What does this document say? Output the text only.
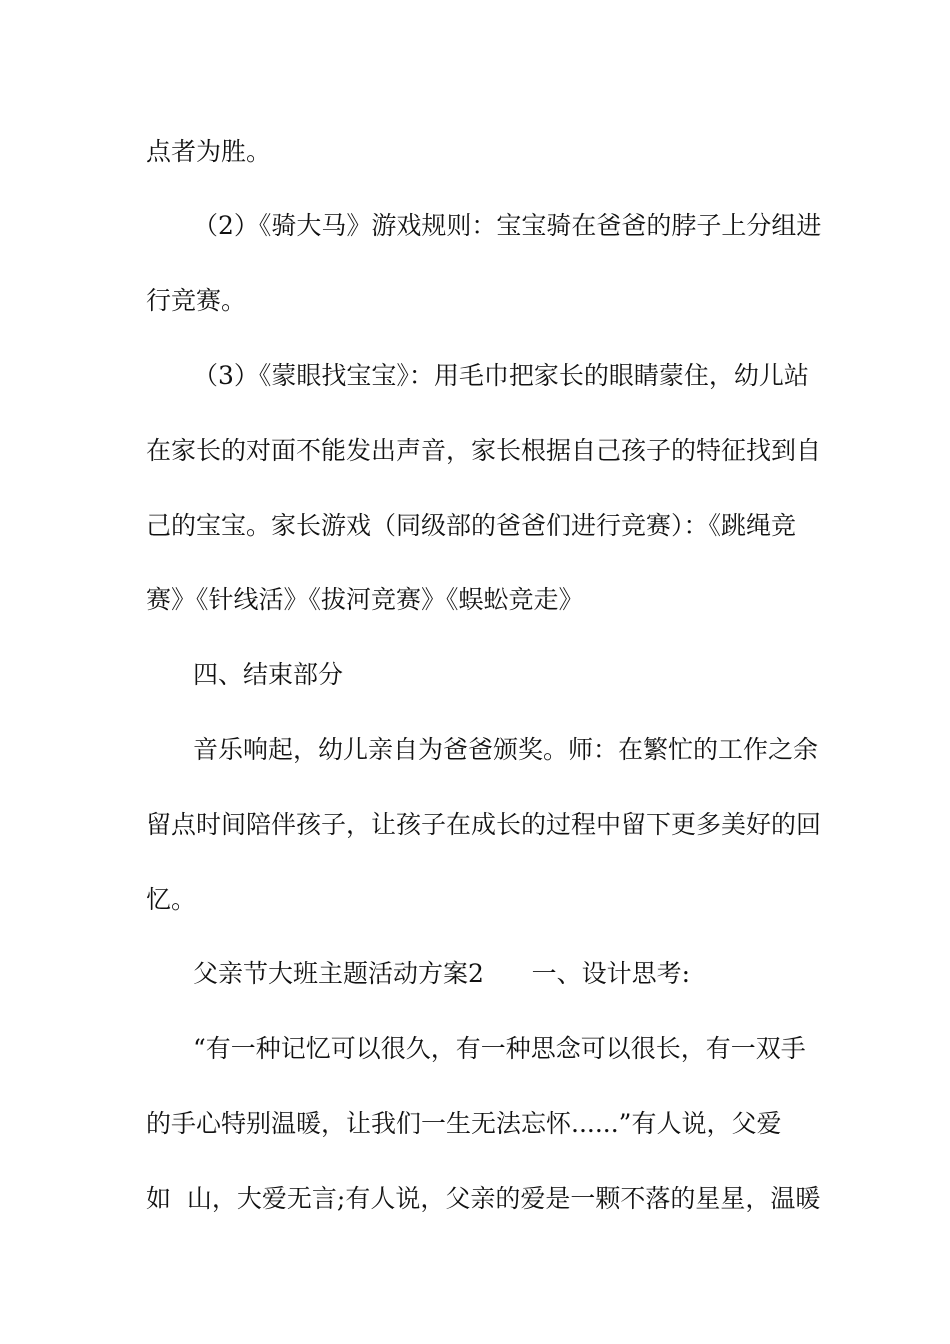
点者为胜。
（2）《骑大马》游戏规则：宝宝骑在爸爸的脖子上分组进
行竞赛。
（3）《蒙眼找宝宝》：用毛巾把家长的眼睛蒙住，幼儿站
在家长的对面不能发出声音，家长根据自己孩子的特征找到自
己的宝宝。家长游戏（同级部的爸爸们进行竞赛）：《跳绳竞
赛》《针线活》《拔河竞赛》《蜈蚣竞走》
四、结束部分
音乐响起，幼儿亲自为爸爸颁奖。师：在繁忙的工作之余
留点时间陪伴孩子，让孩子在成长的过程中留下更多美好的回
忆。
父亲节大班主题活动方案2      一、设计思考:
“有一种记忆可以很久，有一种思念可以很长，有一双手
的手心特别温暖，让我们一生无法忘怀......”有人说，父爱
如  山，大爱无言;有人说，父亲的爱是一颗不落的星星，温暖
